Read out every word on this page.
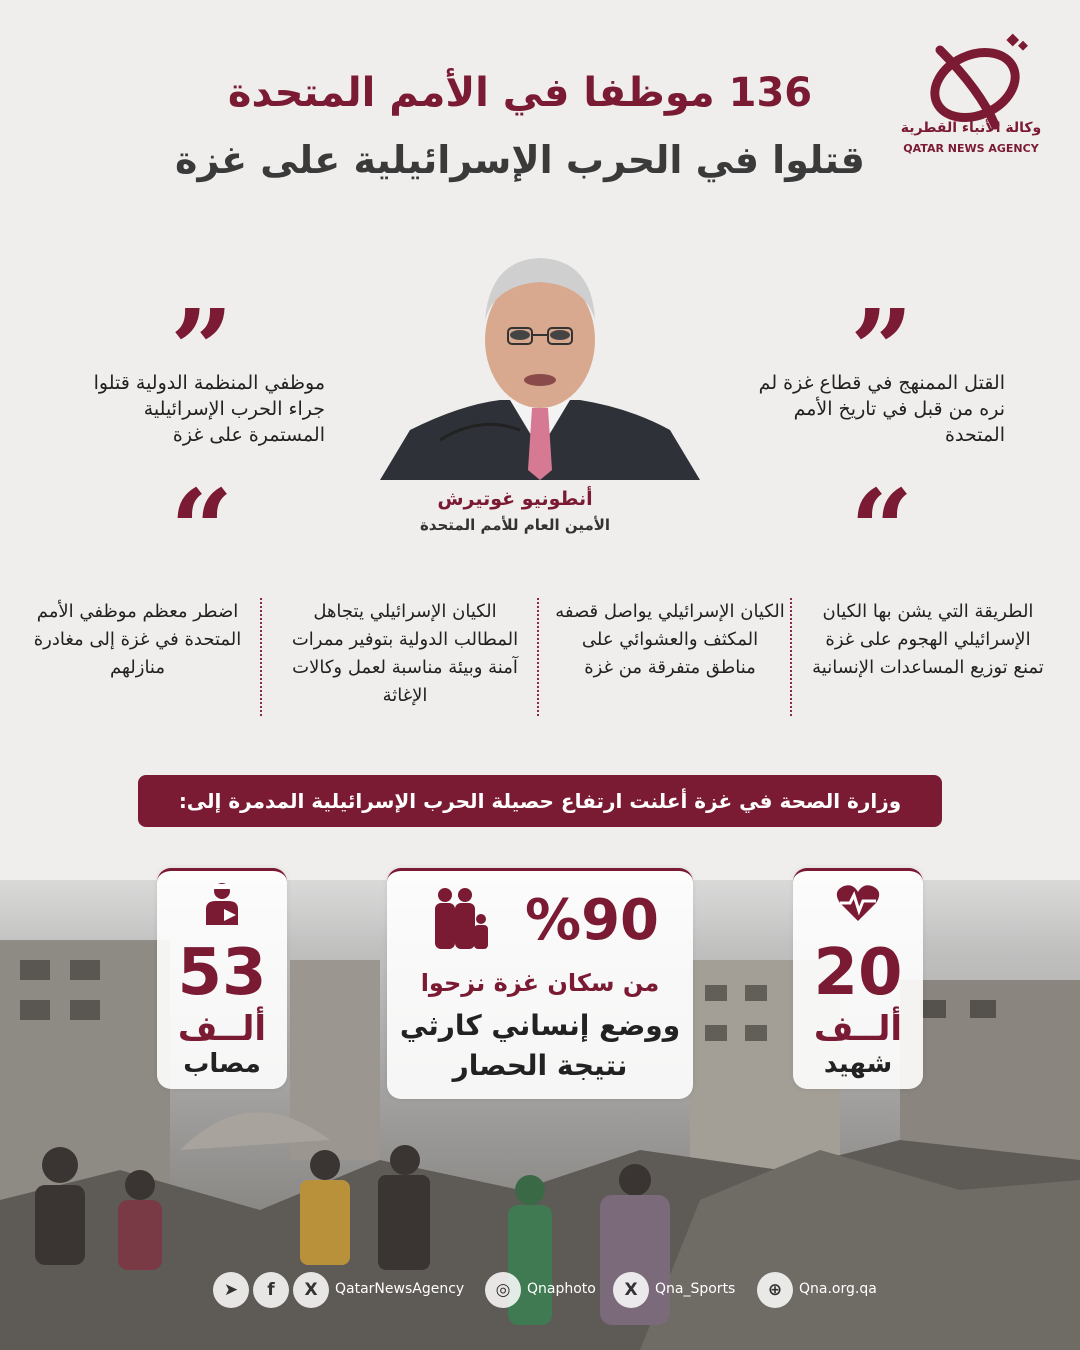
136 موظفا في الأمم المتحدة
قتلوا في الحرب الإسرائيلية على غزة
وكالة الأنباء القطرية
QATAR NEWS AGENCY
أنطونيو غوتيرش
الأمين العام للأمم المتحدة
”
”
“
“
القتل الممنهج في قطاع غزة لم نره من قبل في تاريخ الأمم المتحدة
موظفي المنظمة الدولية قتلوا جراء الحرب الإسرائيلية المستمرة على غزة
الطريقة التي يشن بها الكيان الإسرائيلي الهجوم على غزة تمنع توزيع المساعدات الإنسانية
الكيان الإسرائيلي يواصل قصفه المكثف والعشوائي على مناطق متفرقة من غزة
الكيان الإسرائيلي يتجاهل المطالب الدولية بتوفير ممرات آمنة وبيئة مناسبة لعمل وكالات الإغاثة
اضطر معظم موظفي الأمم المتحدة في غزة إلى مغادرة منازلهم
وزارة الصحة في غزة أعلنت ارتفاع حصيلة الحرب الإسرائيلية المدمرة إلى:
20
ألــف
شهيد
%90
من سكان غزة نزحوا
ووضع إنساني كارثي
نتيجة الحصار
53
ألــف
مصاب
➤	f	X	QatarNewsAgency	◎	Qnaphoto	X	Qna_Sports	⊕	Qna.org.qa
